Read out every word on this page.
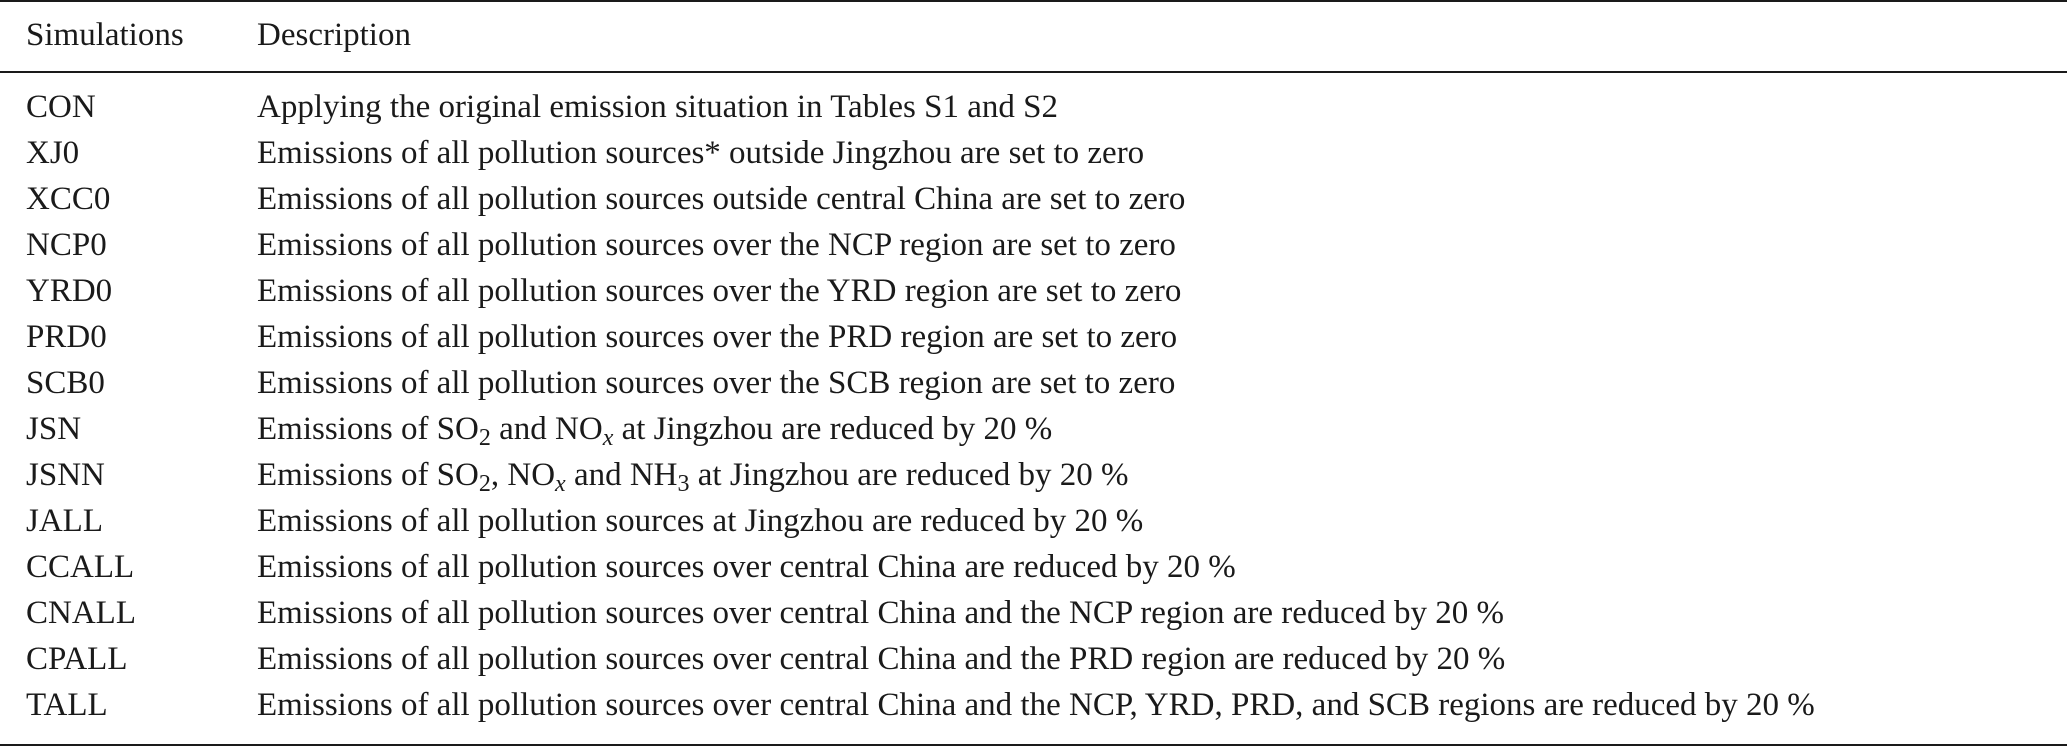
Simulations Description
CON	Applying the original emission situation in Tables S1 and S2
XJ0	Emissions of all pollution sources* outside Jingzhou are set to zero
XCC0	Emissions of all pollution sources outside central China are set to zero
NCP0	Emissions of all pollution sources over the NCP region are set to zero
YRD0	Emissions of all pollution sources over the YRD region are set to zero
PRD0	Emissions of all pollution sources over the PRD region are set to zero
SCB0	Emissions of all pollution sources over the SCB region are set to zero
JSN	Emissions of $SO_2$ and $NO_x$ at Jingzhou are reduced by 20 %
JSNN	Emissions of $SO_2$, $NO_x$ and $NH_3$ at Jingzhou are reduced by 20 %
JALL	Emissions of all pollution sources at Jingzhou are reduced by 20 %
CCALL	Emissions of all pollution sources over central China are reduced by 20 %
CNALL	Emissions of all pollution sources over central China and the NCP region are reduced by 20 %
CPALL	Emissions of all pollution sources over central China and the PRD region are reduced by 20 %
TALL	Emissions of all pollution sources over central China and the NCP, YRD, PRD, and SCB regions are reduced by 20 %
